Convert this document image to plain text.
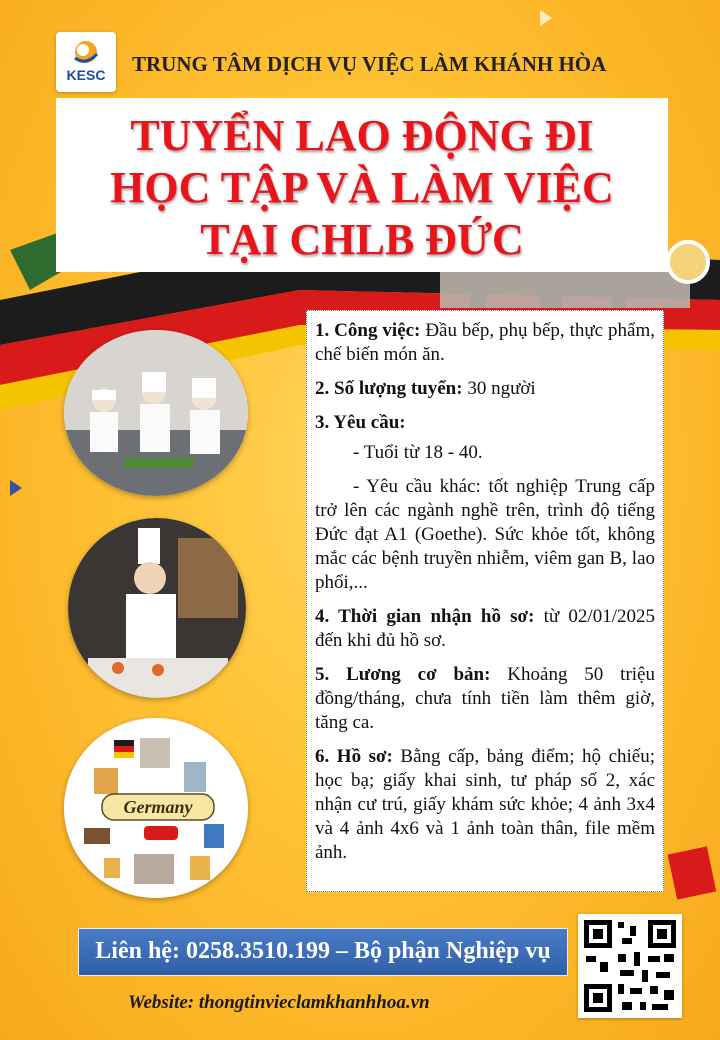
KESC	TRUNG TÂM DỊCH VỤ VIỆC LÀM KHÁNH HÒA
TUYỂN LAO ĐỘNG ĐI
HỌC TẬP VÀ LÀM VIỆC
TẠI CHLB ĐỨC
Germany

1. Công việc: Đầu bếp, phụ bếp, thực phẩm, chế biến món ăn.

2. Số lượng tuyển: 30 người

3. Yêu cầu:

- Tuổi từ 18 - 40.

- Yêu cầu khác: tốt nghiệp Trung cấp trở lên các ngành nghề trên, trình độ tiếng Đức đạt A1 (Goethe). Sức khỏe tốt, không mắc các bệnh truyền nhiễm, viêm gan B, lao phổi,...

4. Thời gian nhận hồ sơ: từ 02/01/2025 đến khi đủ hồ sơ.

5. Lương cơ bản: Khoảng 50 triệu đồng/tháng, chưa tính tiền làm thêm giờ, tăng ca.

6. Hồ sơ: Bằng cấp, bảng điểm; hộ chiếu; học bạ; giấy khai sinh, tư pháp số 2, xác nhận cư trú, giấy khám sức khỏe; 4 ảnh 3x4 và 4 ảnh 4x6 và 1 ảnh toàn thân, file mềm ảnh.

Liên hệ: 0258.3510.199 – Bộ phận Nghiệp vụ
Website: thongtinvieclamkhanhhoa.vn
